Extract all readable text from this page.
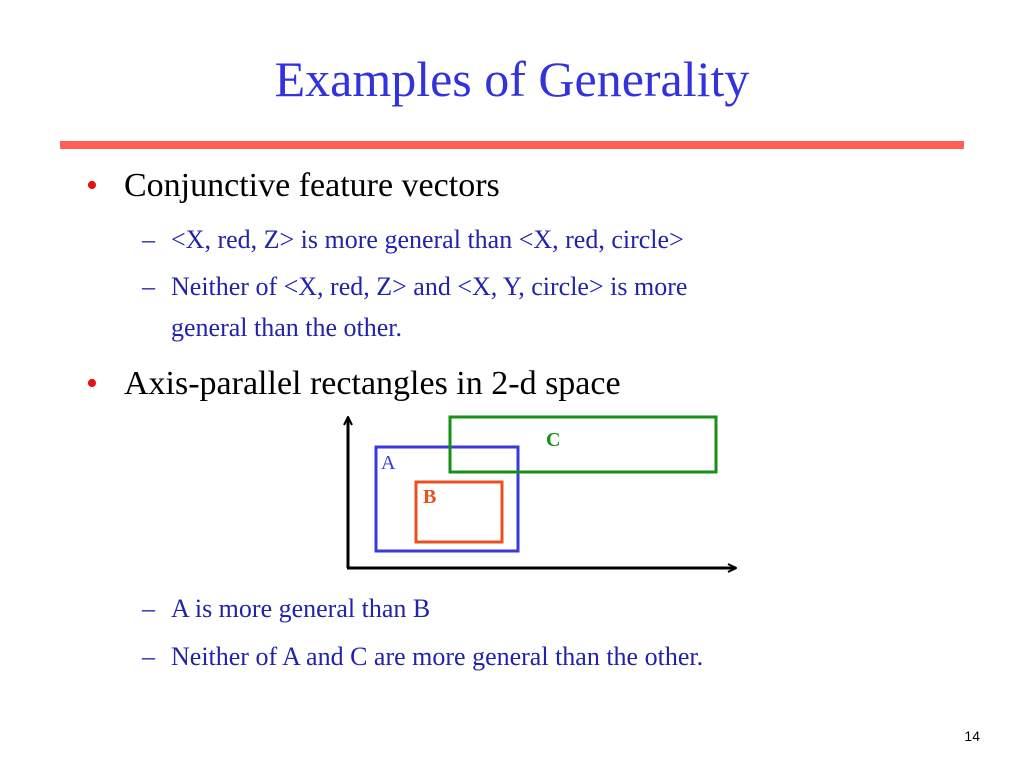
Examples of Generality
• Conjunctive feature vectors
– <X, red, Z> is more general than <X, red, circle>
– Neither of <X, red, Z> and <X, Y, circle> is more
general than the other.
• Axis-parallel rectangles in 2-d space
A
B
C
– A is more general than B
– Neither of A and C are more general than the other.
14
